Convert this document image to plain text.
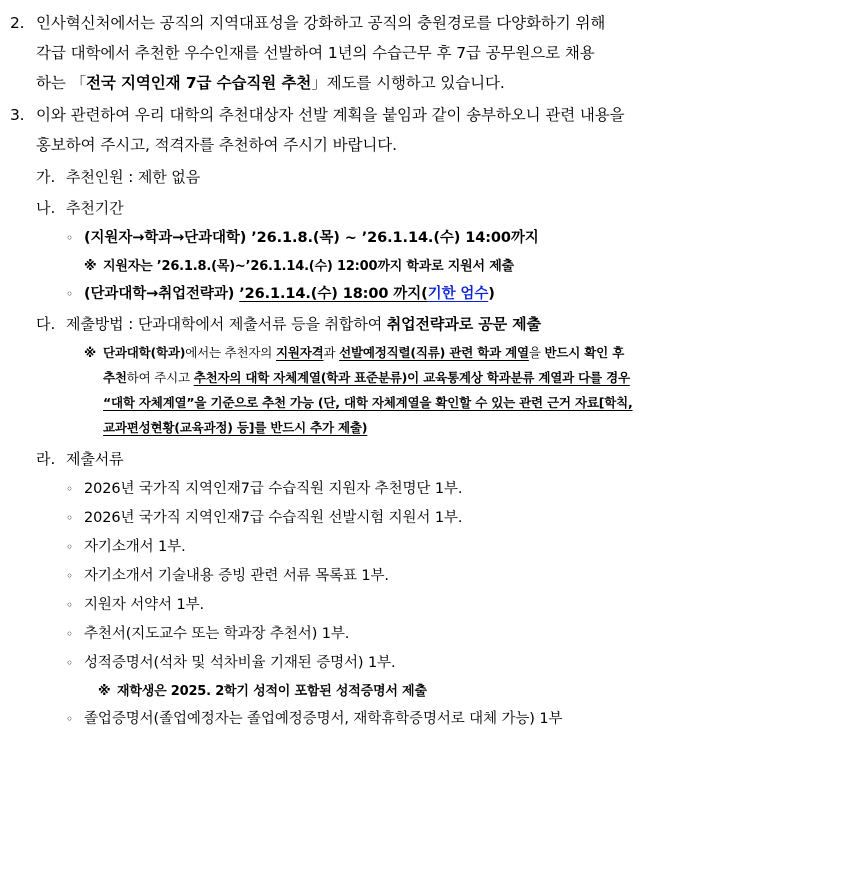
2. 인사혁신처에서는 공직의 지역대표성을 강화하고 공직의 충원경로를 다양화하기 위해
각급 대학에서 추천한 우수인재를 선발하여 1년의 수습근무 후 7급 공무원으로 채용
하는 「전국 지역인재 7급 수습직원 추천」제도를 시행하고 있습니다.
3. 이와 관련하여 우리 대학의 추천대상자 선발 계획을 붙임과 같이 송부하오니 관련 내용을
홍보하여 주시고, 적격자를 추천하여 주시기 바랍니다.
가. 추천인원 : 제한 없음
나. 추천기간
◦ (지원자→학과→단과대학) ’26.1.8.(목) ~ ’26.1.14.(수) 14:00까지
※ 지원자는 ’26.1.8.(목)~’26.1.14.(수) 12:00까지 학과로 지원서 제출
◦ (단과대학→취업전략과) ’26.1.14.(수) 18:00 까지(기한 엄수)
다. 제출방법 : 단과대학에서 제출서류 등을 취합하여 취업전략과로 공문 제출
※ 단과대학(학과)에서는 추천자의 지원자격과 선발예정직렬(직류) 관련 학과 계열을 반드시 확인 후
추천하여 주시고 추천자의 대학 자체계열(학과 표준분류)이 교육통계상 학과분류 계열과 다를 경우
“대학 자체계열”을 기준으로 추천 가능 (단, 대학 자체계열을 확인할 수 있는 관련 근거 자료[학칙,
교과편성현황(교육과정) 등]를 반드시 추가 제출)
라. 제출서류
◦ 2026년 국가직 지역인재7급 수습직원 지원자 추천명단 1부.
◦ 2026년 국가직 지역인재7급 수습직원 선발시험 지원서 1부.
◦ 자기소개서 1부.
◦ 자기소개서 기술내용 증빙 관련 서류 목록표 1부.
◦ 지원자 서약서 1부.
◦ 추천서(지도교수 또는 학과장 추천서) 1부.
◦ 성적증명서(석차 및 석차비율 기재된 증명서) 1부.
※ 재학생은 2025. 2학기 성적이 포함된 성적증명서 제출
◦ 졸업증명서(졸업예정자는 졸업예정증명서, 재학휴학증명서로 대체 가능) 1부
